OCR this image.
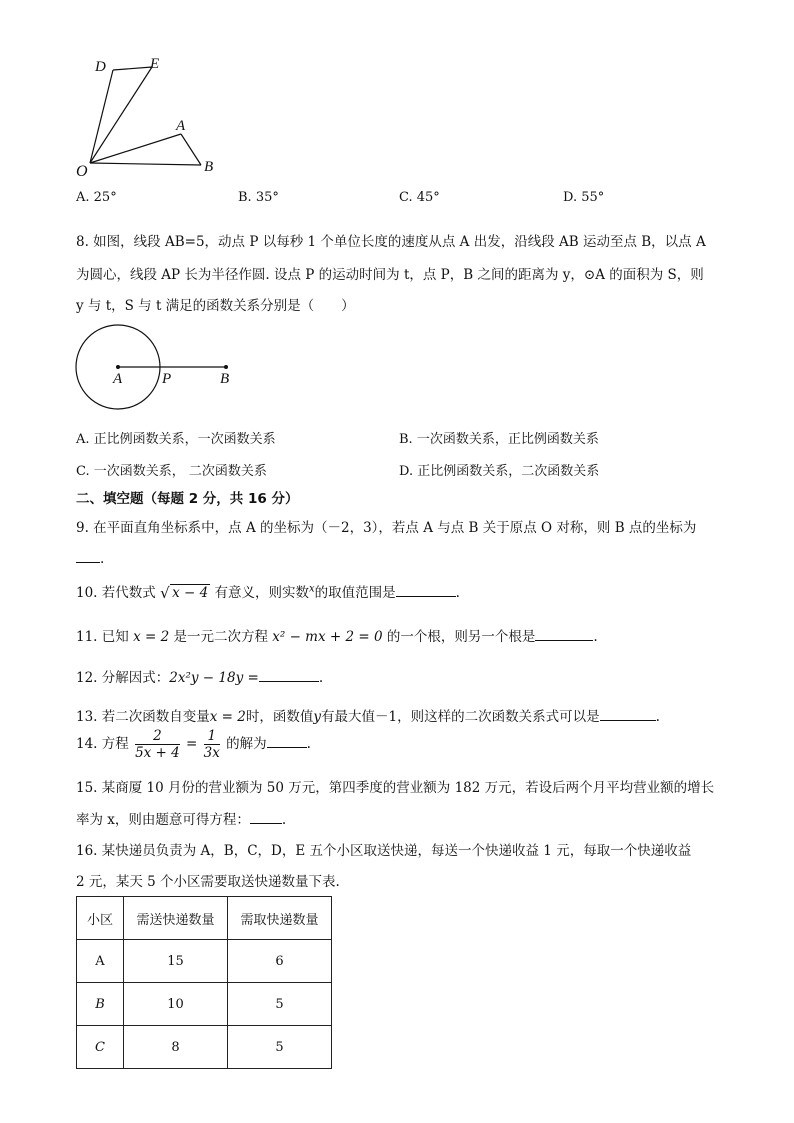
D	E
A
B
O
A. 25°	B. 35°	C. 45°	D. 55°
8. 如图，线段 AB=5，动点 P 以每秒 1 个单位长度的速度从点 A 出发，沿线段 AB 运动至点 B，以点 A
为圆心，线段 AP 长为半径作圆. 设点 P 的运动时间为 t，点 P，B 之间的距离为 y，⊙A 的面积为 S，则
y 与 t，S 与 t 满足的函数关系分别是（　　）
A	P	B
A. 正比例函数关系，一次函数关系	B. 一次函数关系，正比例函数关系
C. 一次函数关系， 二次函数关系	D. 正比例函数关系，二次函数关系
二、填空题（每题 2 分，共 16 分）
9. 在平面直角坐标系中，点 A 的坐标为（－2，3），若点 A 与点 B 关于原点 O 对称，则 B 点的坐标为
.
10. 若代数式 √ x − 4 有意义，则实数$^x$的取值范围是	.
11. 已知 x = 2 是一元二次方程 x² − mx + 2 = 0 的一个根，则另一个根是	.
12. 分解因式：2x²y − 18y =	.
13. 若二次函数自变量x = 2时，函数值y有最大值－1，则这样的二次函数关系式可以是	.
14. 方程 $\frac{2}{5x + 4} = \frac{1}{3x}$ 的解为	.
15. 某商厦 10 月份的营业额为 50 万元，第四季度的营业额为 182 万元，若设后两个月平均营业额的增长
率为 x，则由题意可得方程： .
16. 某快递员负责为 A，B，C，D，E 五个小区取送快递，每送一个快递收益 1 元，每取一个快递收益
2 元，某天 5 个小区需要取送快递数量下表.
小区	需送快递数量	需取快递数量
A	15	6
B	10	5
C	8	5
